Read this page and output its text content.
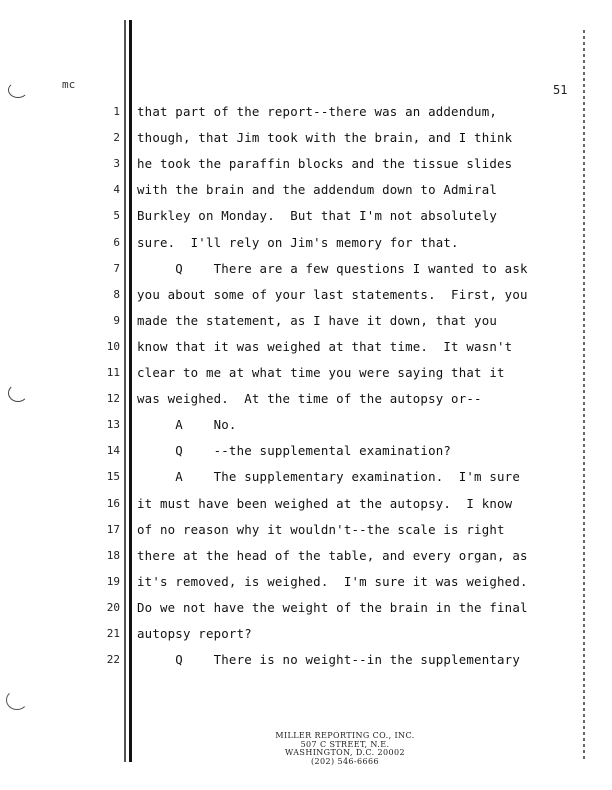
mc	51
1 that part of the report--there was an addendum,
2 though, that Jim took with the brain, and I think
3 he took the paraffin blocks and the tissue slides
4 with the brain and the addendum down to Admiral
5 Burkley on Monday.  But that I'm not absolutely
6 sure.  I'll rely on Jim's memory for that.
7 Q    There are a few questions I wanted to ask
8 you about some of your last statements.  First, you
9 made the statement, as I have it down, that you
10 know that it was weighed at that time.  It wasn't
11 clear to me at what time you were saying that it
12 was weighed.  At the time of the autopsy or--
13 A    No.
14 Q    --the supplemental examination?
15 A    The supplementary examination.  I'm sure
16 it must have been weighed at the autopsy.  I know
17 of no reason why it wouldn't--the scale is right
18 there at the head of the table, and every organ, as
19 it's removed, is weighed.  I'm sure it was weighed.
20 Do we not have the weight of the brain in the final
21 autopsy report?
22 Q    There is no weight--in the supplementary
MILLER REPORTING CO., INC.
507 C STREET, N.E.
WASHINGTON, D.C. 20002
(202) 546-6666
